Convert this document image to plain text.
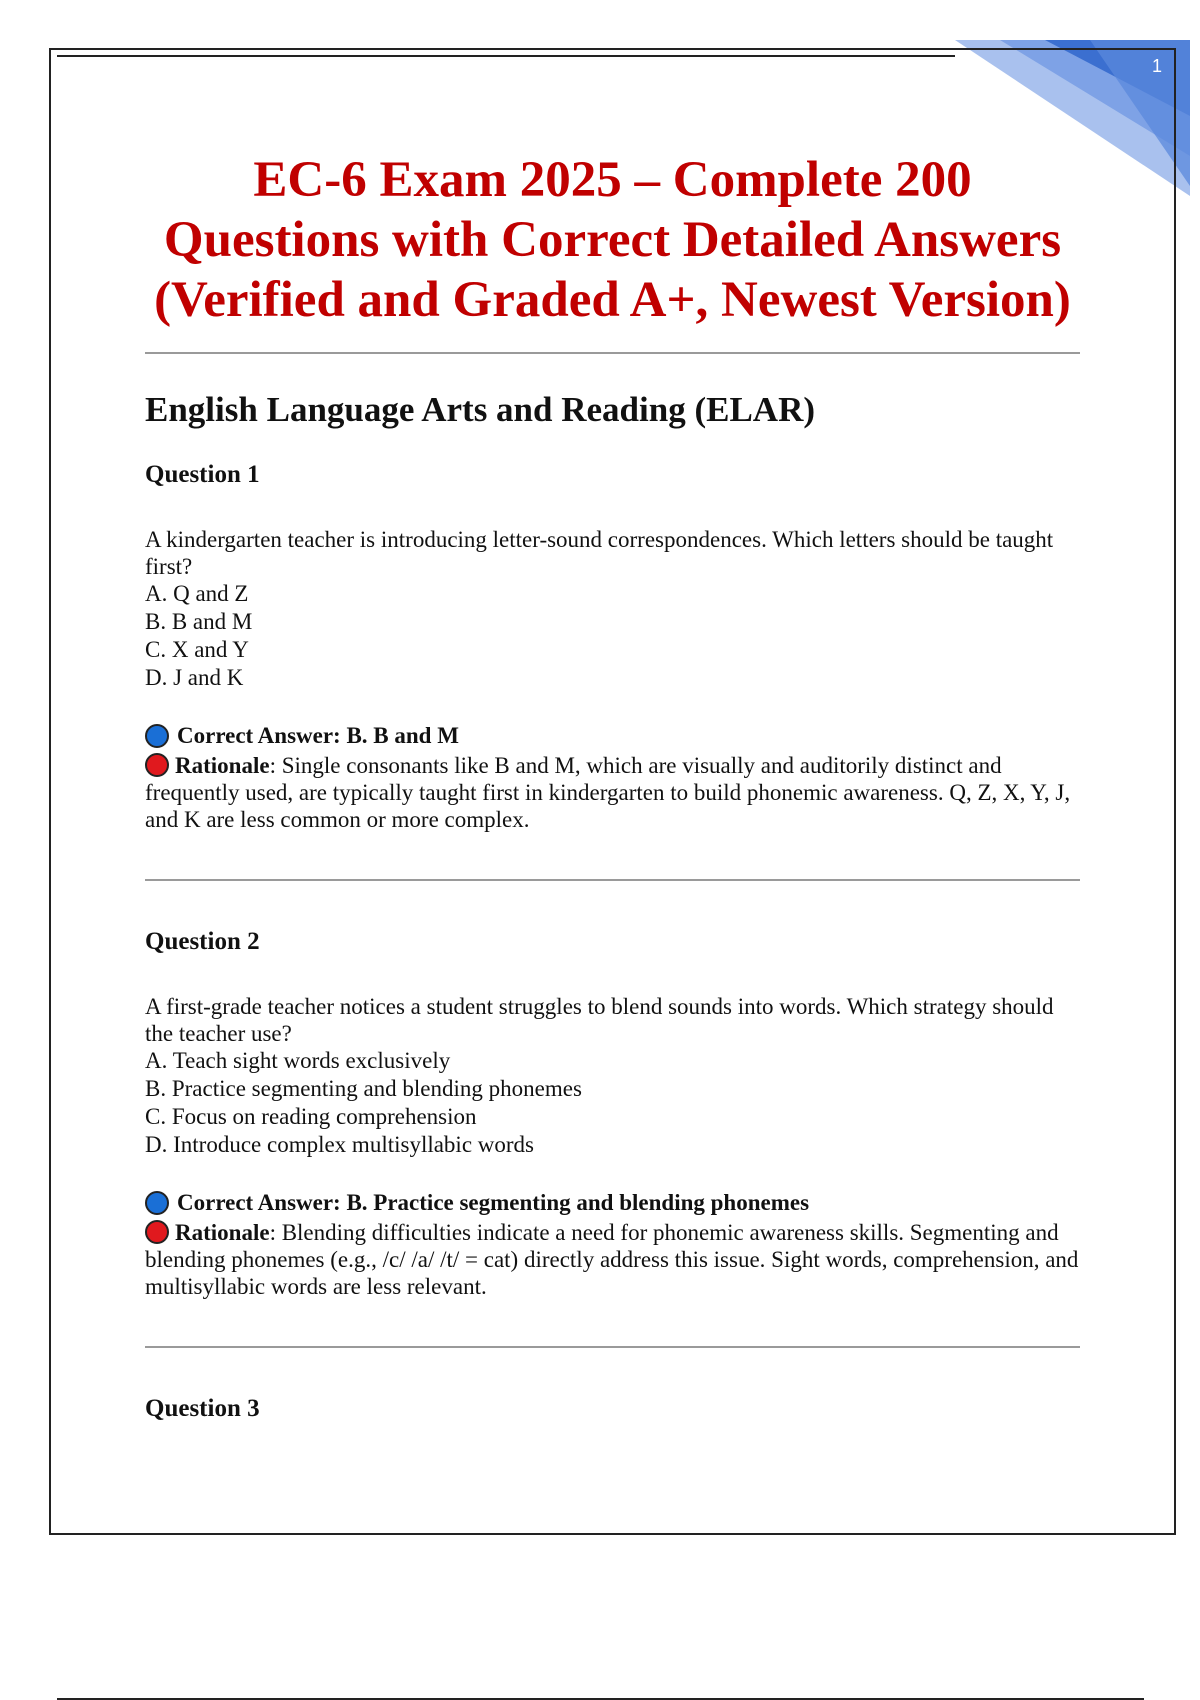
1
EC-6 Exam 2025 – Complete 200 Questions with Correct Detailed Answers (Verified and Graded A+, Newest Version)
English Language Arts and Reading (ELAR)
Question 1

A kindergarten teacher is introducing letter-sound correspondences. Which letters should be taught first?

A. Q and Z
B. B and M
C. X and Y
D. J and K
Correct Answer: B. B and M

Rationale: Single consonants like B and M, which are visually and auditorily distinct and frequently used, are typically taught first in kindergarten to build phonemic awareness. Q, Z, X, Y, J, and K are less common or more complex.

Question 2

A first-grade teacher notices a student struggles to blend sounds into words. Which strategy should the teacher use?

A. Teach sight words exclusively
B. Practice segmenting and blending phonemes
C. Focus on reading comprehension
D. Introduce complex multisyllabic words
Correct Answer: B. Practice segmenting and blending phonemes

Rationale: Blending difficulties indicate a need for phonemic awareness skills. Segmenting and blending phonemes (e.g., /c/ /a/ /t/ = cat) directly address this issue. Sight words, comprehension, and multisyllabic words are less relevant.

Question 3
